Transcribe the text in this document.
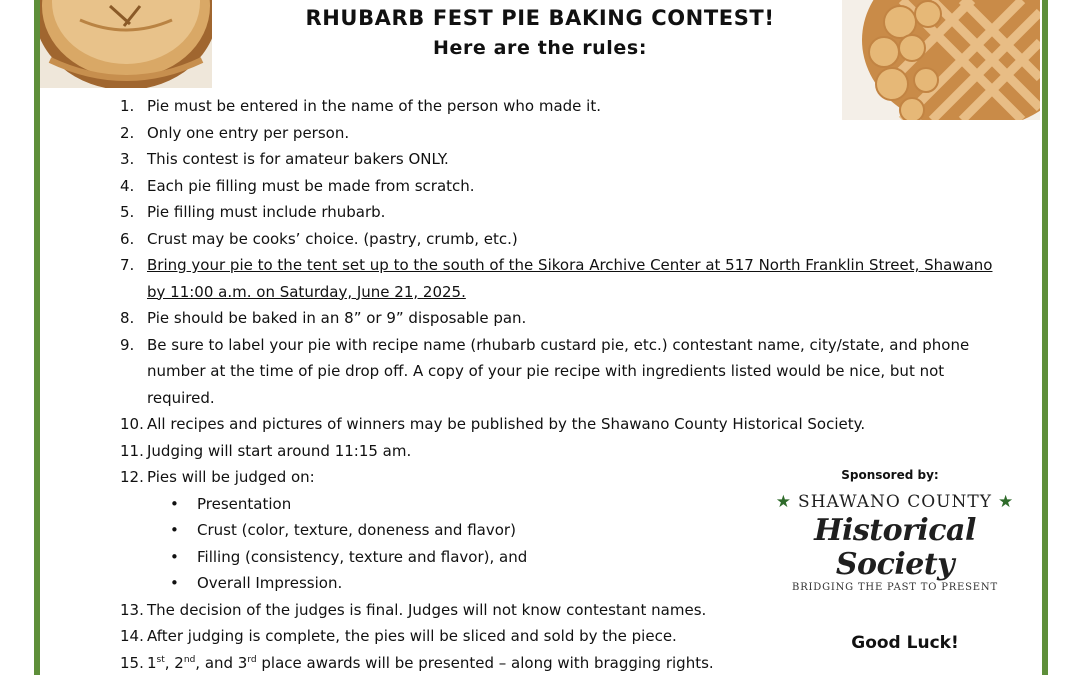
RHUBARB FEST PIE BAKING CONTEST!
Here are the rules:
1. Pie must be entered in the name of the person who made it.
2. Only one entry per person.
3. This contest is for amateur bakers ONLY.
4. Each pie filling must be made from scratch.
5. Pie filling must include rhubarb.
6. Crust may be cooks’ choice. (pastry, crumb, etc.)
7. Bring your pie to the tent set up to the south of the Sikora Archive Center at 517 North Franklin Street, Shawano by 11:00 a.m. on Saturday, June 21, 2025.
8. Pie should be baked in an 8” or 9” disposable pan.
9. Be sure to label your pie with recipe name (rhubarb custard pie, etc.) contestant name, city/state, and phone number at the time of pie drop off. A copy of your pie recipe with ingredients listed would be nice, but not required.
10. All recipes and pictures of winners may be published by the Shawano County Historical Society.
11. Judging will start around 11:15 am.
12. Pies will be judged on:
•	Presentation
•	Crust (color, texture, doneness and flavor)
•	Filling (consistency, texture and flavor), and
•	Overall Impression.
13. The decision of the judges is final. Judges will not know contestant names.
14. After judging is complete, the pies will be sliced and sold by the piece.
15. 1st, 2nd, and 3rd place awards will be presented – along with bragging rights.
Sponsored by:
★ SHAWANO COUNTY ★
Historical Society
BRIDGING THE PAST TO PRESENT
Good Luck!
